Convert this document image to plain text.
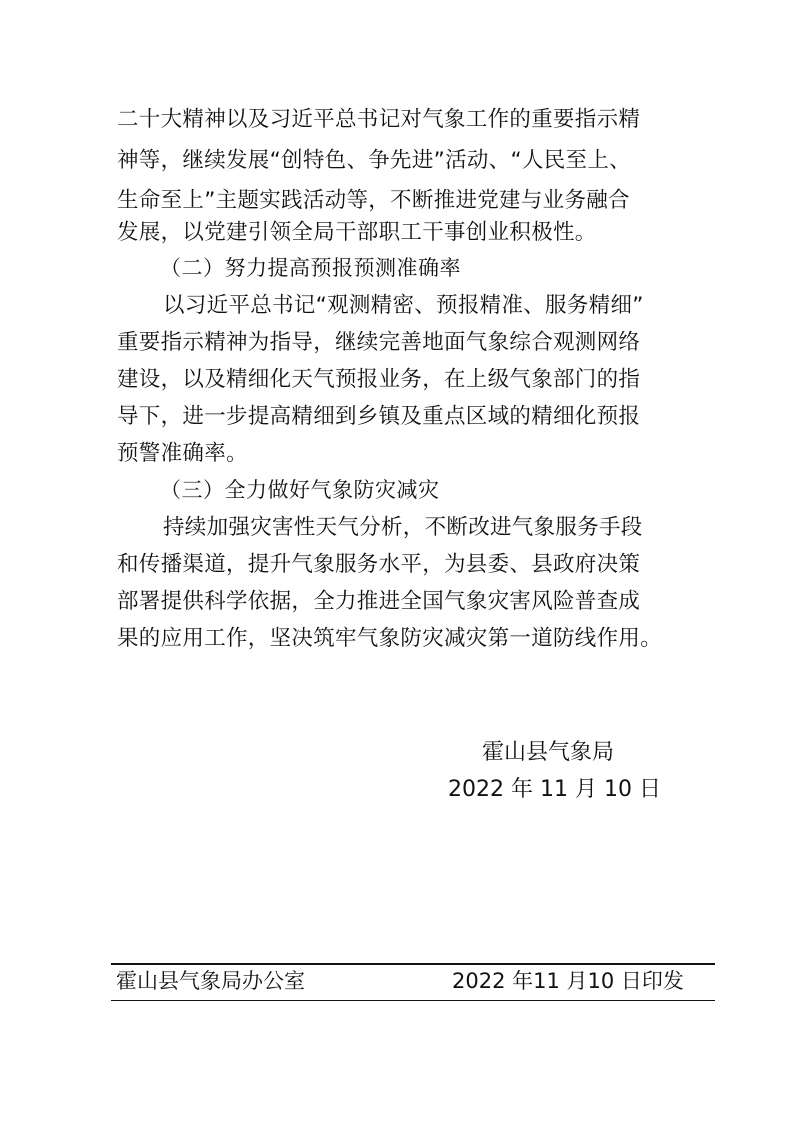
二十大精神以及习近平总书记对气象工作的重要指示精
神等，继续发展“创特色、争先进”活动、“人民至上、
生命至上”主题实践活动等，不断推进党建与业务融合
发展，以党建引领全局干部职工干事创业积极性。
（二）努力提高预报预测准确率
以习近平总书记“观测精密、预报精准、服务精细”
重要指示精神为指导，继续完善地面气象综合观测网络
建设，以及精细化天气预报业务，在上级气象部门的指
导下，进一步提高精细到乡镇及重点区域的精细化预报
预警准确率。
（三）全力做好气象防灾减灾
持续加强灾害性天气分析，不断改进气象服务手段
和传播渠道，提升气象服务水平，为县委、县政府决策
部署提供科学依据，全力推进全国气象灾害风险普查成
果的应用工作，坚决筑牢气象防灾减灾第一道防线作用。
霍山县气象局
2022 年 11 月 10 日
霍山县气象局办公室	2022 年11 月10 日印发
